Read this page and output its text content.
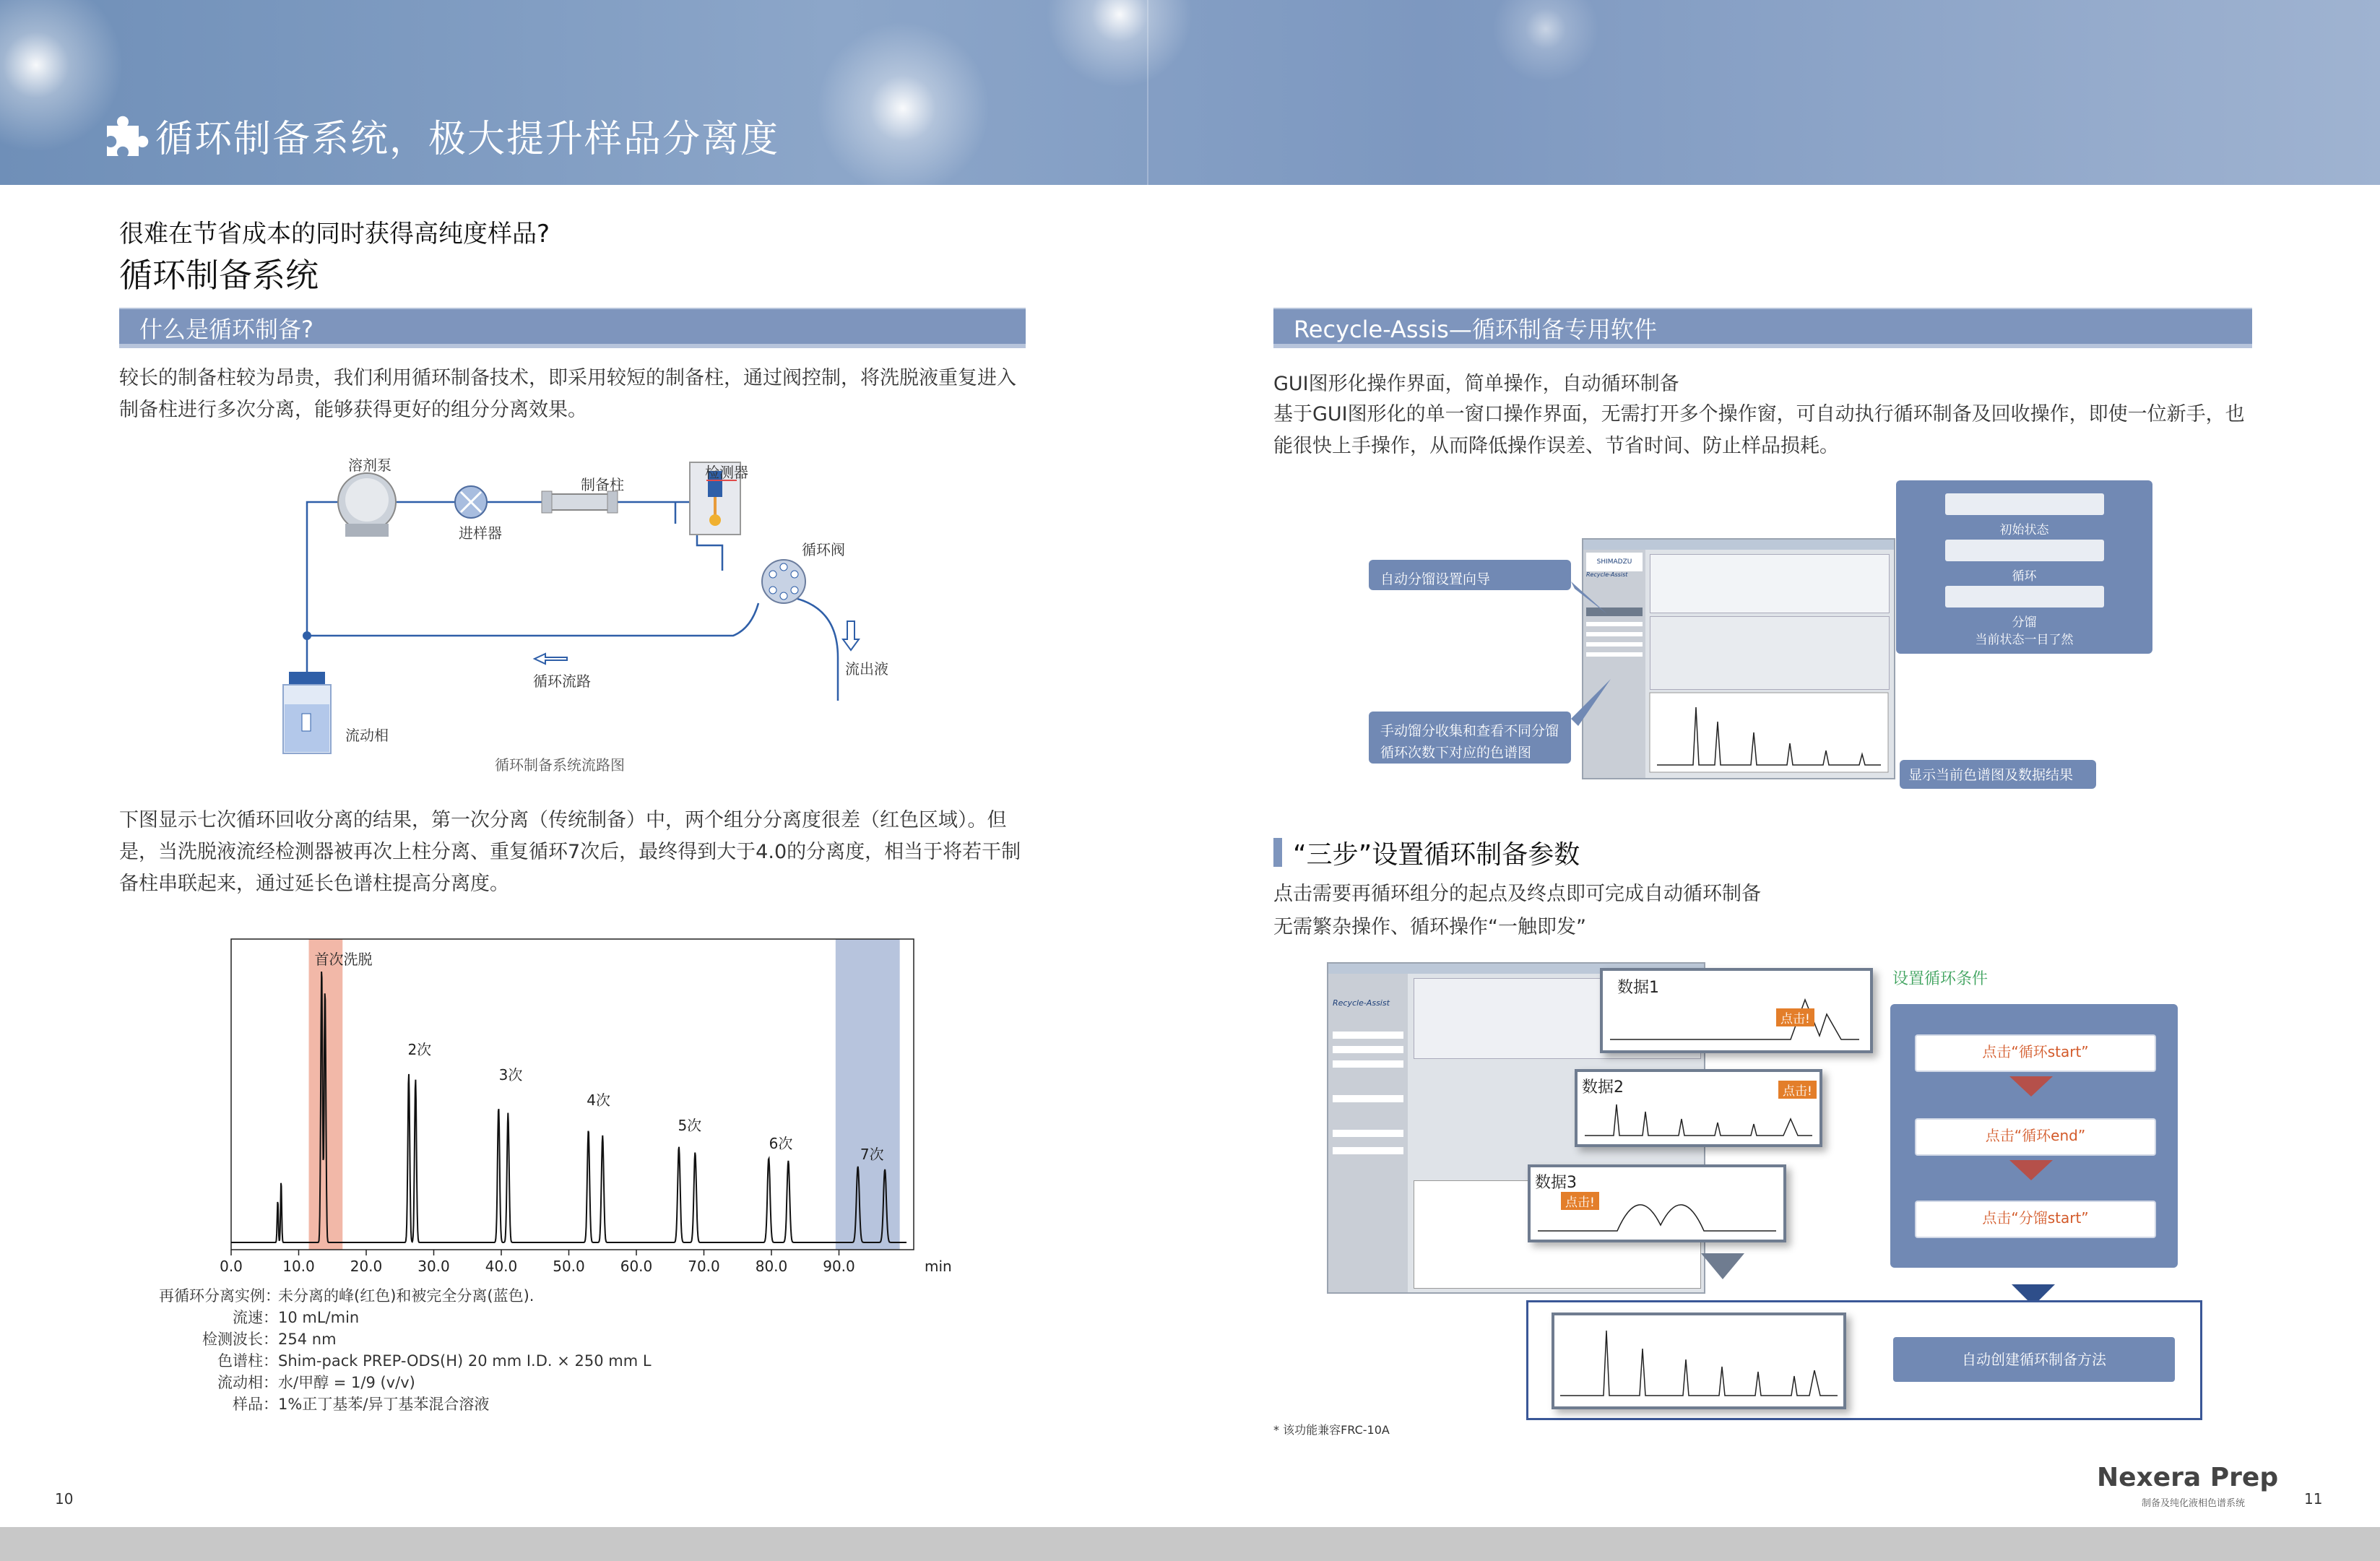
循环制备系统，极大提升样品分离度
很难在节省成本的同时获得高纯度样品?
循环制备系统
什么是循环制备?
较长的制备柱较为昂贵，我们利用循环制备技术，即采用较短的制备柱，通过阀控制，将洗脱液重复进入制备柱进行多次分离，能够获得更好的组分分离效果。
溶剂泵
进样器
制备柱
检测器
循环阀
循环流路
流出液
流动相
循环制备系统流路图
下图显示七次循环回收分离的结果，第一次分离（传统制备）中，两个组分分离度很差（红色区域）。但是，当洗脱液流经检测器被再次上柱分离、重复循环7次后，最终得到大于4.0的分离度，相当于将若干制备柱串联起来，通过延长色谱柱提高分离度。
0.0	10.0 20.0 30.0 40.0 50.0 60.0 70.0 80.0 90.0	min
首次洗脱
2次
3次
4次
5次
6次
7次
再循环分离实例：未分离的峰(红色)和被完全分离(蓝色).
流速：10 mL/min
检测波长：254 nm
色谱柱：Shim-pack PREP-ODS(H) 20 mm I.D. × 250 mm L
流动相：水/甲醇 = 1/9 (v/v)
样品：1%正丁基苯/异丁基苯混合溶液
Recycle-Assis—循环制备专用软件
GUI图形化操作界面，简单操作，自动循环制备
基于GUI图形化的单一窗口操作界面，无需打开多个操作窗，可自动执行循环制备及回收操作，即使一位新手，也能很快上手操作，从而降低操作误差、节省时间、防止样品损耗。
SHIMADZU
Recycle-Assist
自动分馏设置向导
手动馏分收集和查看不同分馏循环次数下对应的色谱图
显示当前色谱图及数据结果
初始状态
循环
分馏
当前状态一目了然
“三步”设置循环制备参数
点击需要再循环组分的起点及终点即可完成自动循环制备
无需繁杂操作、循环操作“一触即发”
Recycle-Assist
数据1
点击!
数据2	点击!
数据3
点击!
设置循环条件
点击“循环start”
点击“循环end”
点击“分馏start”
自动创建循环制备方法
* 该功能兼容FRC-10A
10	11
Nexera Prep
制备及纯化液相色谱系统
